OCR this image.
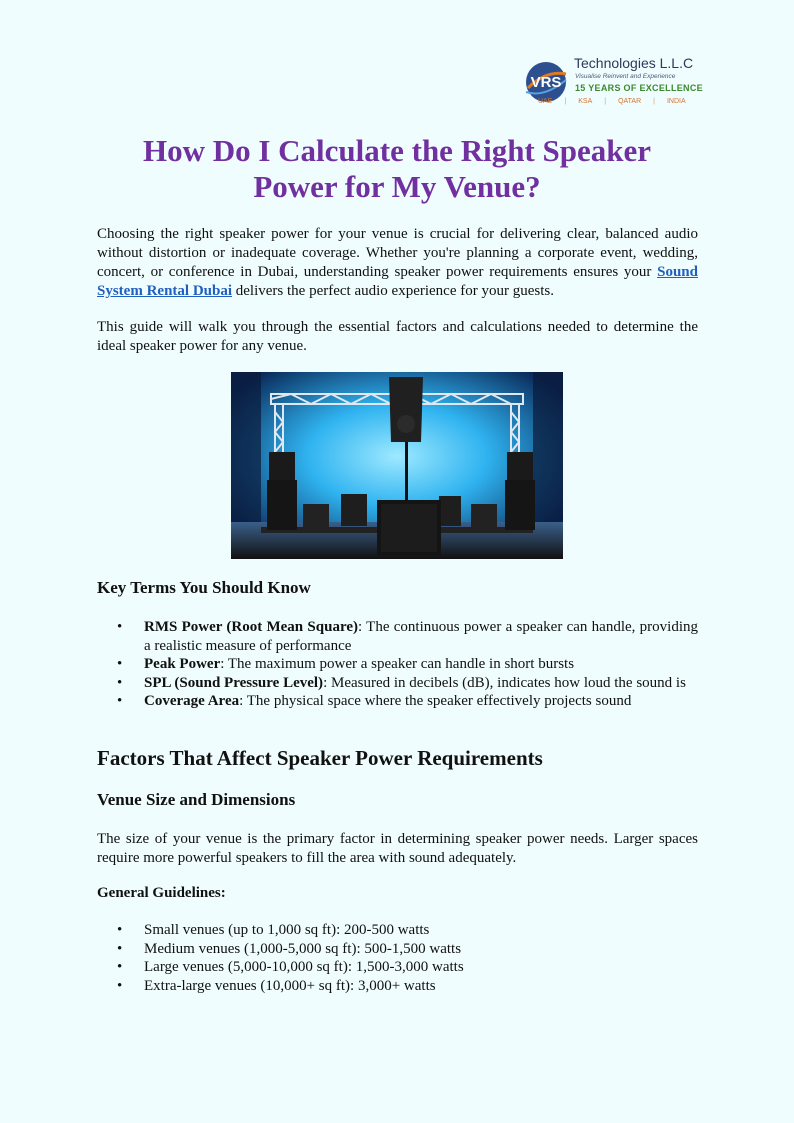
VRS
Technologies L.L.C
Visualise Reinvent and Experience
15 YEARS OF EXCELLENCE
UAE | KSA | QATAR | INDIA
How Do I Calculate the Right Speaker
Power for My Venue?

Choosing the right speaker power for your venue is crucial for delivering clear, balanced audio without distortion or inadequate coverage. Whether you're planning a corporate event, wedding, concert, or conference in Dubai, understanding speaker power requirements ensures your Sound System Rental Dubai delivers the perfect audio experience for your guests.

This guide will walk you through the essential factors and calculations needed to determine the ideal speaker power for any venue.

Key Terms You Should Know
• RMS Power (Root Mean Square): The continuous power a speaker can handle, providing a realistic measure of performance
• Peak Power: The maximum power a speaker can handle in short bursts
• SPL (Sound Pressure Level): Measured in decibels (dB), indicates how loud the sound is
• Coverage Area: The physical space where the speaker effectively projects sound
Factors That Affect Speaker Power Requirements
Venue Size and Dimensions

The size of your venue is the primary factor in determining speaker power needs. Larger spaces require more powerful speakers to fill the area with sound adequately.

General Guidelines:
• Small venues (up to 1,000 sq ft): 200-500 watts
• Medium venues (1,000-5,000 sq ft): 500-1,500 watts
• Large venues (5,000-10,000 sq ft): 1,500-3,000 watts
• Extra-large venues (10,000+ sq ft): 3,000+ watts
